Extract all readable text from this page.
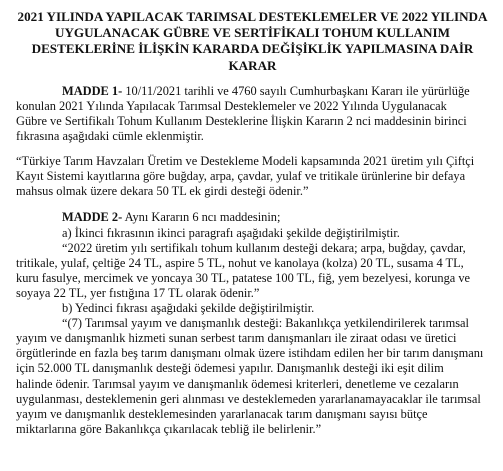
2021 YILINDA YAPILACAK TARIMSAL DESTEKLEMELER VE 2022 YILINDA
UYGULANACAK GÜBRE VE SERTİFİKALI TOHUM KULLANIM
DESTEKLERİNE İLİŞKİN KARARDA DEĞİŞİKLİK YAPILMASINA DAİR
KARAR
MADDE 1- 10/11/2021 tarihli ve 4760 sayılı Cumhurbaşkanı Kararı ile yürürlüğe
konulan 2021 Yılında Yapılacak Tarımsal Desteklemeler ve 2022 Yılında Uygulanacak
Gübre ve Sertifikalı Tohum Kullanım Desteklerine İlişkin Kararın 2 nci maddesinin birinci
fıkrasına aşağıdaki cümle eklenmiştir.
“Türkiye Tarım Havzaları Üretim ve Destekleme Modeli kapsamında 2021 üretim yılı Çiftçi
Kayıt Sistemi kayıtlarına göre buğday, arpa, çavdar, yulaf ve tritikale ürünlerine bir defaya
mahsus olmak üzere dekara 50 TL ek girdi desteği ödenir.”
MADDE 2- Aynı Kararın 6 ncı maddesinin;
a) İkinci fıkrasının ikinci paragrafı aşağıdaki şekilde değiştirilmiştir.
“2022 üretim yılı sertifikalı tohum kullanım desteği dekara; arpa, buğday, çavdar,
tritikale, yulaf, çeltiğe 24 TL, aspire 5 TL, nohut ve kanolaya (kolza) 20 TL, susama 4 TL,
kuru fasulye, mercimek ve yoncaya 30 TL, patatese 100 TL, fiğ, yem bezelyesi, korunga ve
soyaya 22 TL, yer fıstığına 17 TL olarak ödenir.”
b) Yedinci fıkrası aşağıdaki şekilde değiştirilmiştir.
“(7) Tarımsal yayım ve danışmanlık desteği: Bakanlıkça yetkilendirilerek tarımsal
yayım ve danışmanlık hizmeti sunan serbest tarım danışmanları ile ziraat odası ve üretici
örgütlerinde en fazla beş tarım danışmanı olmak üzere istihdam edilen her bir tarım danışmanı
için 52.000 TL danışmanlık desteği ödemesi yapılır. Danışmanlık desteği iki eşit dilim
halinde ödenir. Tarımsal yayım ve danışmanlık ödemesi kriterleri, denetleme ve cezaların
uygulanması, desteklemenin geri alınması ve desteklemeden yararlanamayacaklar ile tarımsal
yayım ve danışmanlık desteklemesinden yararlanacak tarım danışmanı sayısı bütçe
miktarlarına göre Bakanlıkça çıkarılacak tebliğ ile belirlenir.”
